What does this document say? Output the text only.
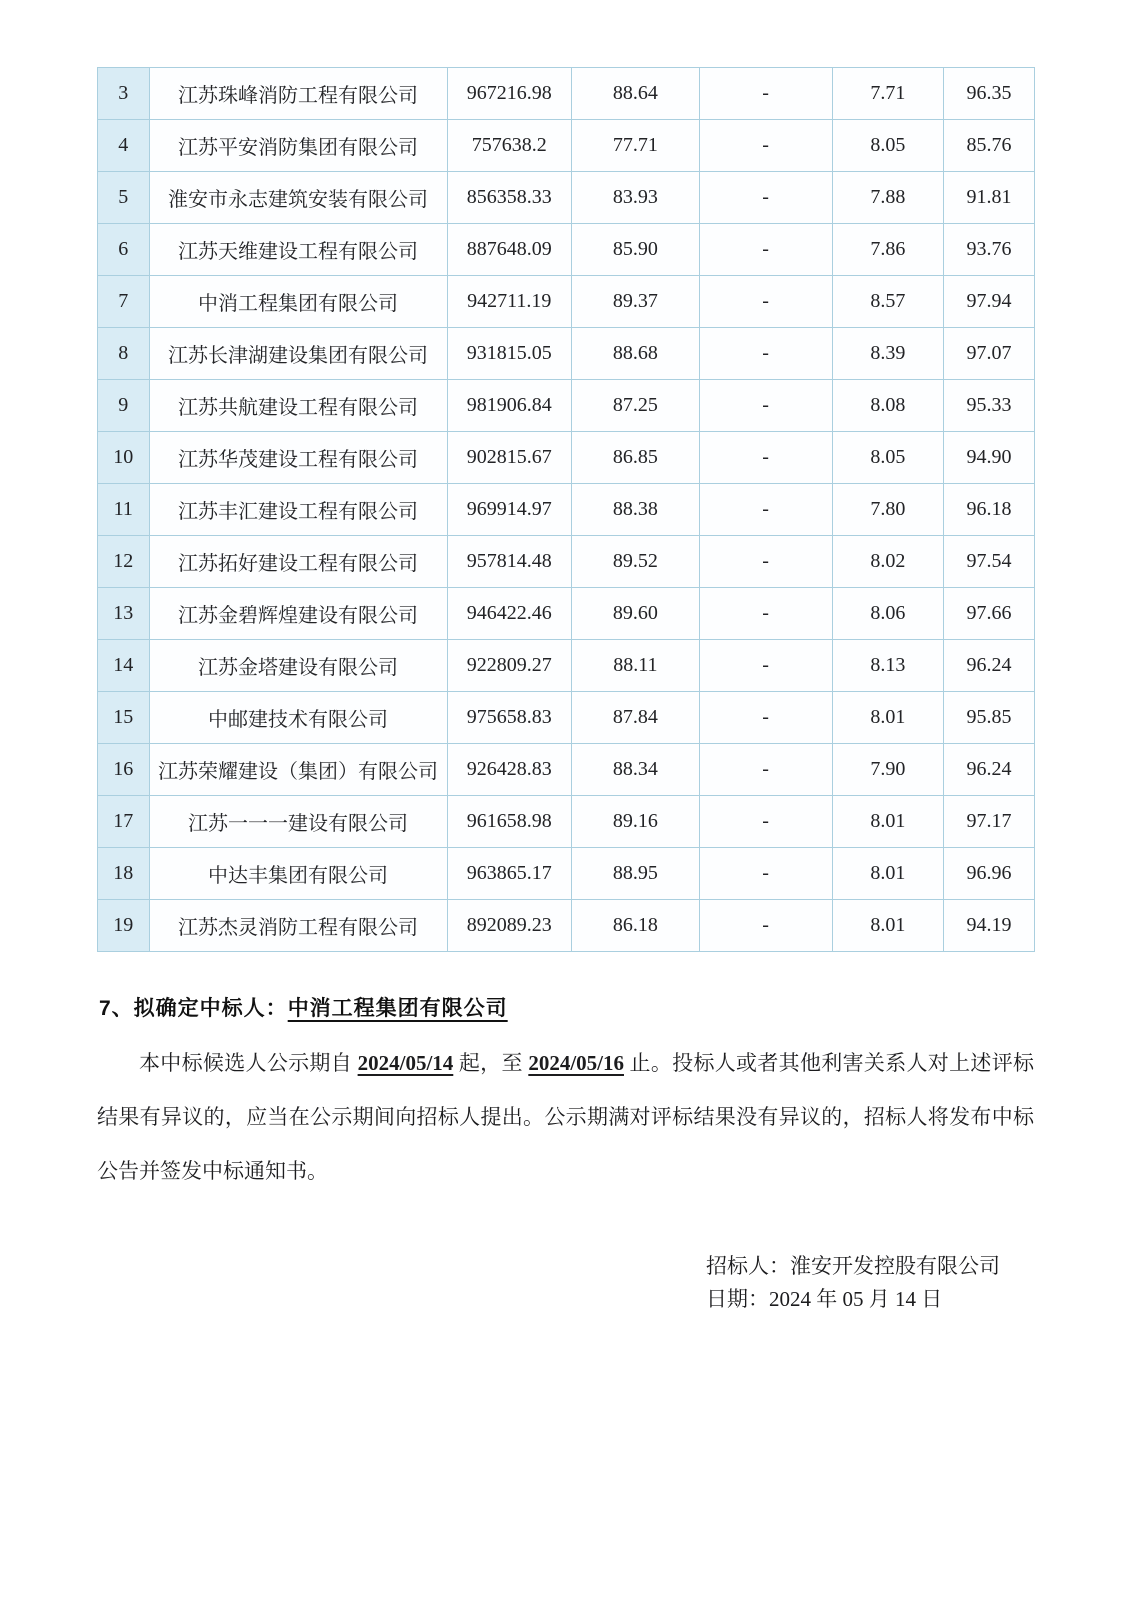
3	江苏珠峰消防工程有限公司	967216.98	88.64	-	7.71	96.35
4	江苏平安消防集团有限公司	757638.2	77.71	-	8.05	85.76
5	淮安市永志建筑安装有限公司	856358.33	83.93	-	7.88	91.81
6	江苏天维建设工程有限公司	887648.09	85.90	-	7.86	93.76
7	中消工程集团有限公司	942711.19	89.37	-	8.57	97.94
8	江苏长津湖建设集团有限公司	931815.05	88.68	-	8.39	97.07
9	江苏共航建设工程有限公司	981906.84	87.25	-	8.08	95.33
10	江苏华茂建设工程有限公司	902815.67	86.85	-	8.05	94.90
11	江苏丰汇建设工程有限公司	969914.97	88.38	-	7.80	96.18
12	江苏拓好建设工程有限公司	957814.48	89.52	-	8.02	97.54
13	江苏金碧辉煌建设有限公司	946422.46	89.60	-	8.06	97.66
14	江苏金塔建设有限公司	922809.27	88.11	-	8.13	96.24
15	中邮建技术有限公司	975658.83	87.84	-	8.01	95.85
16	江苏荣耀建设（集团）有限公司	926428.83	88.34	-	7.90	96.24
17	江苏一一一建设有限公司	961658.98	89.16	-	8.01	97.17
18	中达丰集团有限公司	963865.17	88.95	-	8.01	96.96
19	江苏杰灵消防工程有限公司	892089.23	86.18	-	8.01	94.19
7、拟确定中标人：中消工程集团有限公司
本中标候选人公示期自 2024/05/14 起，至 2024/05/16 止。投标人或者其他利害关系人对上述评标结果有异议的，应当在公示期间向招标人提出。公示期满对评标结果没有异议的，招标人将发布中标公告并签发中标通知书。
招标人：淮安开发控股有限公司
日期：2024 年 05 月 14 日
